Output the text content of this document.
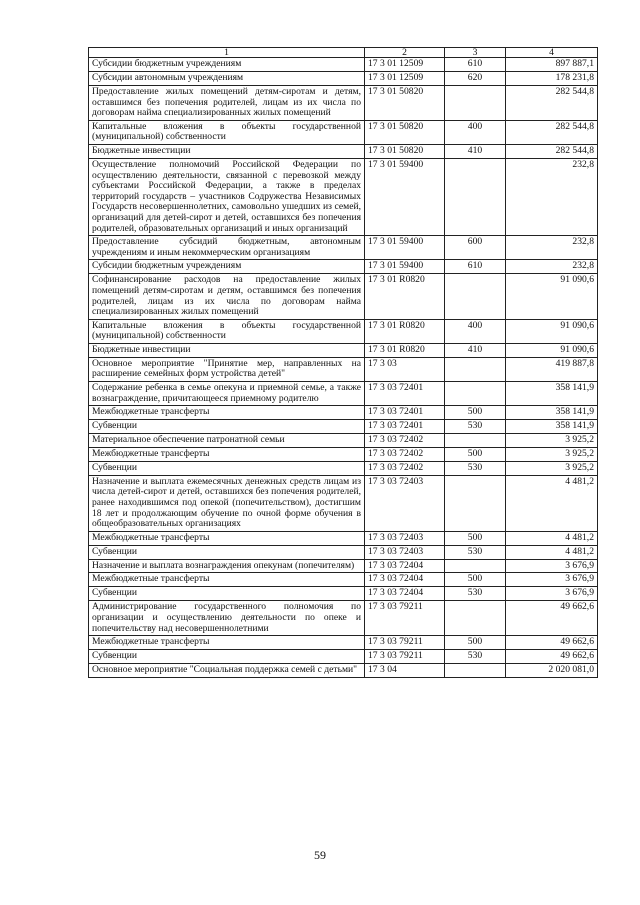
1	2	3	4
Субсидии бюджетным учреждениям	17 3 01 12509	610	897 887,1
Субсидии автономным учреждениям	17 3 01 12509	620	178 231,8
Предоставление жилых помещений детям-сиротам и детям, оставшимся без попечения родителей, лицам из их числа по договорам найма специализированных жилых помещений	17 3 01 50820		282 544,8
Капитальные вложения в объекты государственной (муниципальной) собственности	17 3 01 50820	400	282 544,8
Бюджетные инвестиции	17 3 01 50820	410	282 544,8
Осуществление полномочий Российской Федерации по осуществлению деятельности, связанной с перевозкой между субъектами Российской Федерации, а также в пределах территорий государств – участников Содружества Независимых Государств несовершеннолетних, самовольно ушедших из семей, организаций для детей-сирот и детей, оставшихся без попечения родителей, образовательных организаций и иных организаций	17 3 01 59400		232,8
Предоставление субсидий бюджетным, автономным учреждениям и иным некоммерческим организациям	17 3 01 59400	600	232,8
Субсидии бюджетным учреждениям	17 3 01 59400	610	232,8
Софинансирование расходов на предоставление жилых помещений детям-сиротам и детям, оставшимся без попечения родителей, лицам из их числа по договорам найма специализированных жилых помещений	17 3 01 R0820		91 090,6
Капитальные вложения в объекты государственной (муниципальной) собственности	17 3 01 R0820	400	91 090,6
Бюджетные инвестиции	17 3 01 R0820	410	91 090,6
Основное мероприятие "Принятие мер, направленных на расширение семейных форм устройства детей"	17 3 03		419 887,8
Содержание ребенка в семье опекуна и приемной семье, а также вознаграждение, причитающееся приемному родителю	17 3 03 72401		358 141,9
Межбюджетные трансферты	17 3 03 72401	500	358 141,9
Субвенции	17 3 03 72401	530	358 141,9
Материальное обеспечение патронатной семьи	17 3 03 72402		3 925,2
Межбюджетные трансферты	17 3 03 72402	500	3 925,2
Субвенции	17 3 03 72402	530	3 925,2
Назначение и выплата ежемесячных денежных средств лицам из числа детей-сирот и детей, оставшихся без попечения родителей, ранее находившимся под опекой (попечительством), достигшим 18 лет и продолжающим обучение по очной форме обучения в общеобразовательных организациях	17 3 03 72403		4 481,2
Межбюджетные трансферты	17 3 03 72403	500	4 481,2
Субвенции	17 3 03 72403	530	4 481,2
Назначение и выплата вознаграждения опекунам (попечителям)	17 3 03 72404		3 676,9
Межбюджетные трансферты	17 3 03 72404	500	3 676,9
Субвенции	17 3 03 72404	530	3 676,9
Администрирование государственного полномочия по организации и осуществлению деятельности по опеке и попечительству над несовершеннолетними	17 3 03 79211		49 662,6
Межбюджетные трансферты	17 3 03 79211	500	49 662,6
Субвенции	17 3 03 79211	530	49 662,6
Основное мероприятие "Социальная поддержка семей с детьми"	17 3 04		2 020 081,0
59
